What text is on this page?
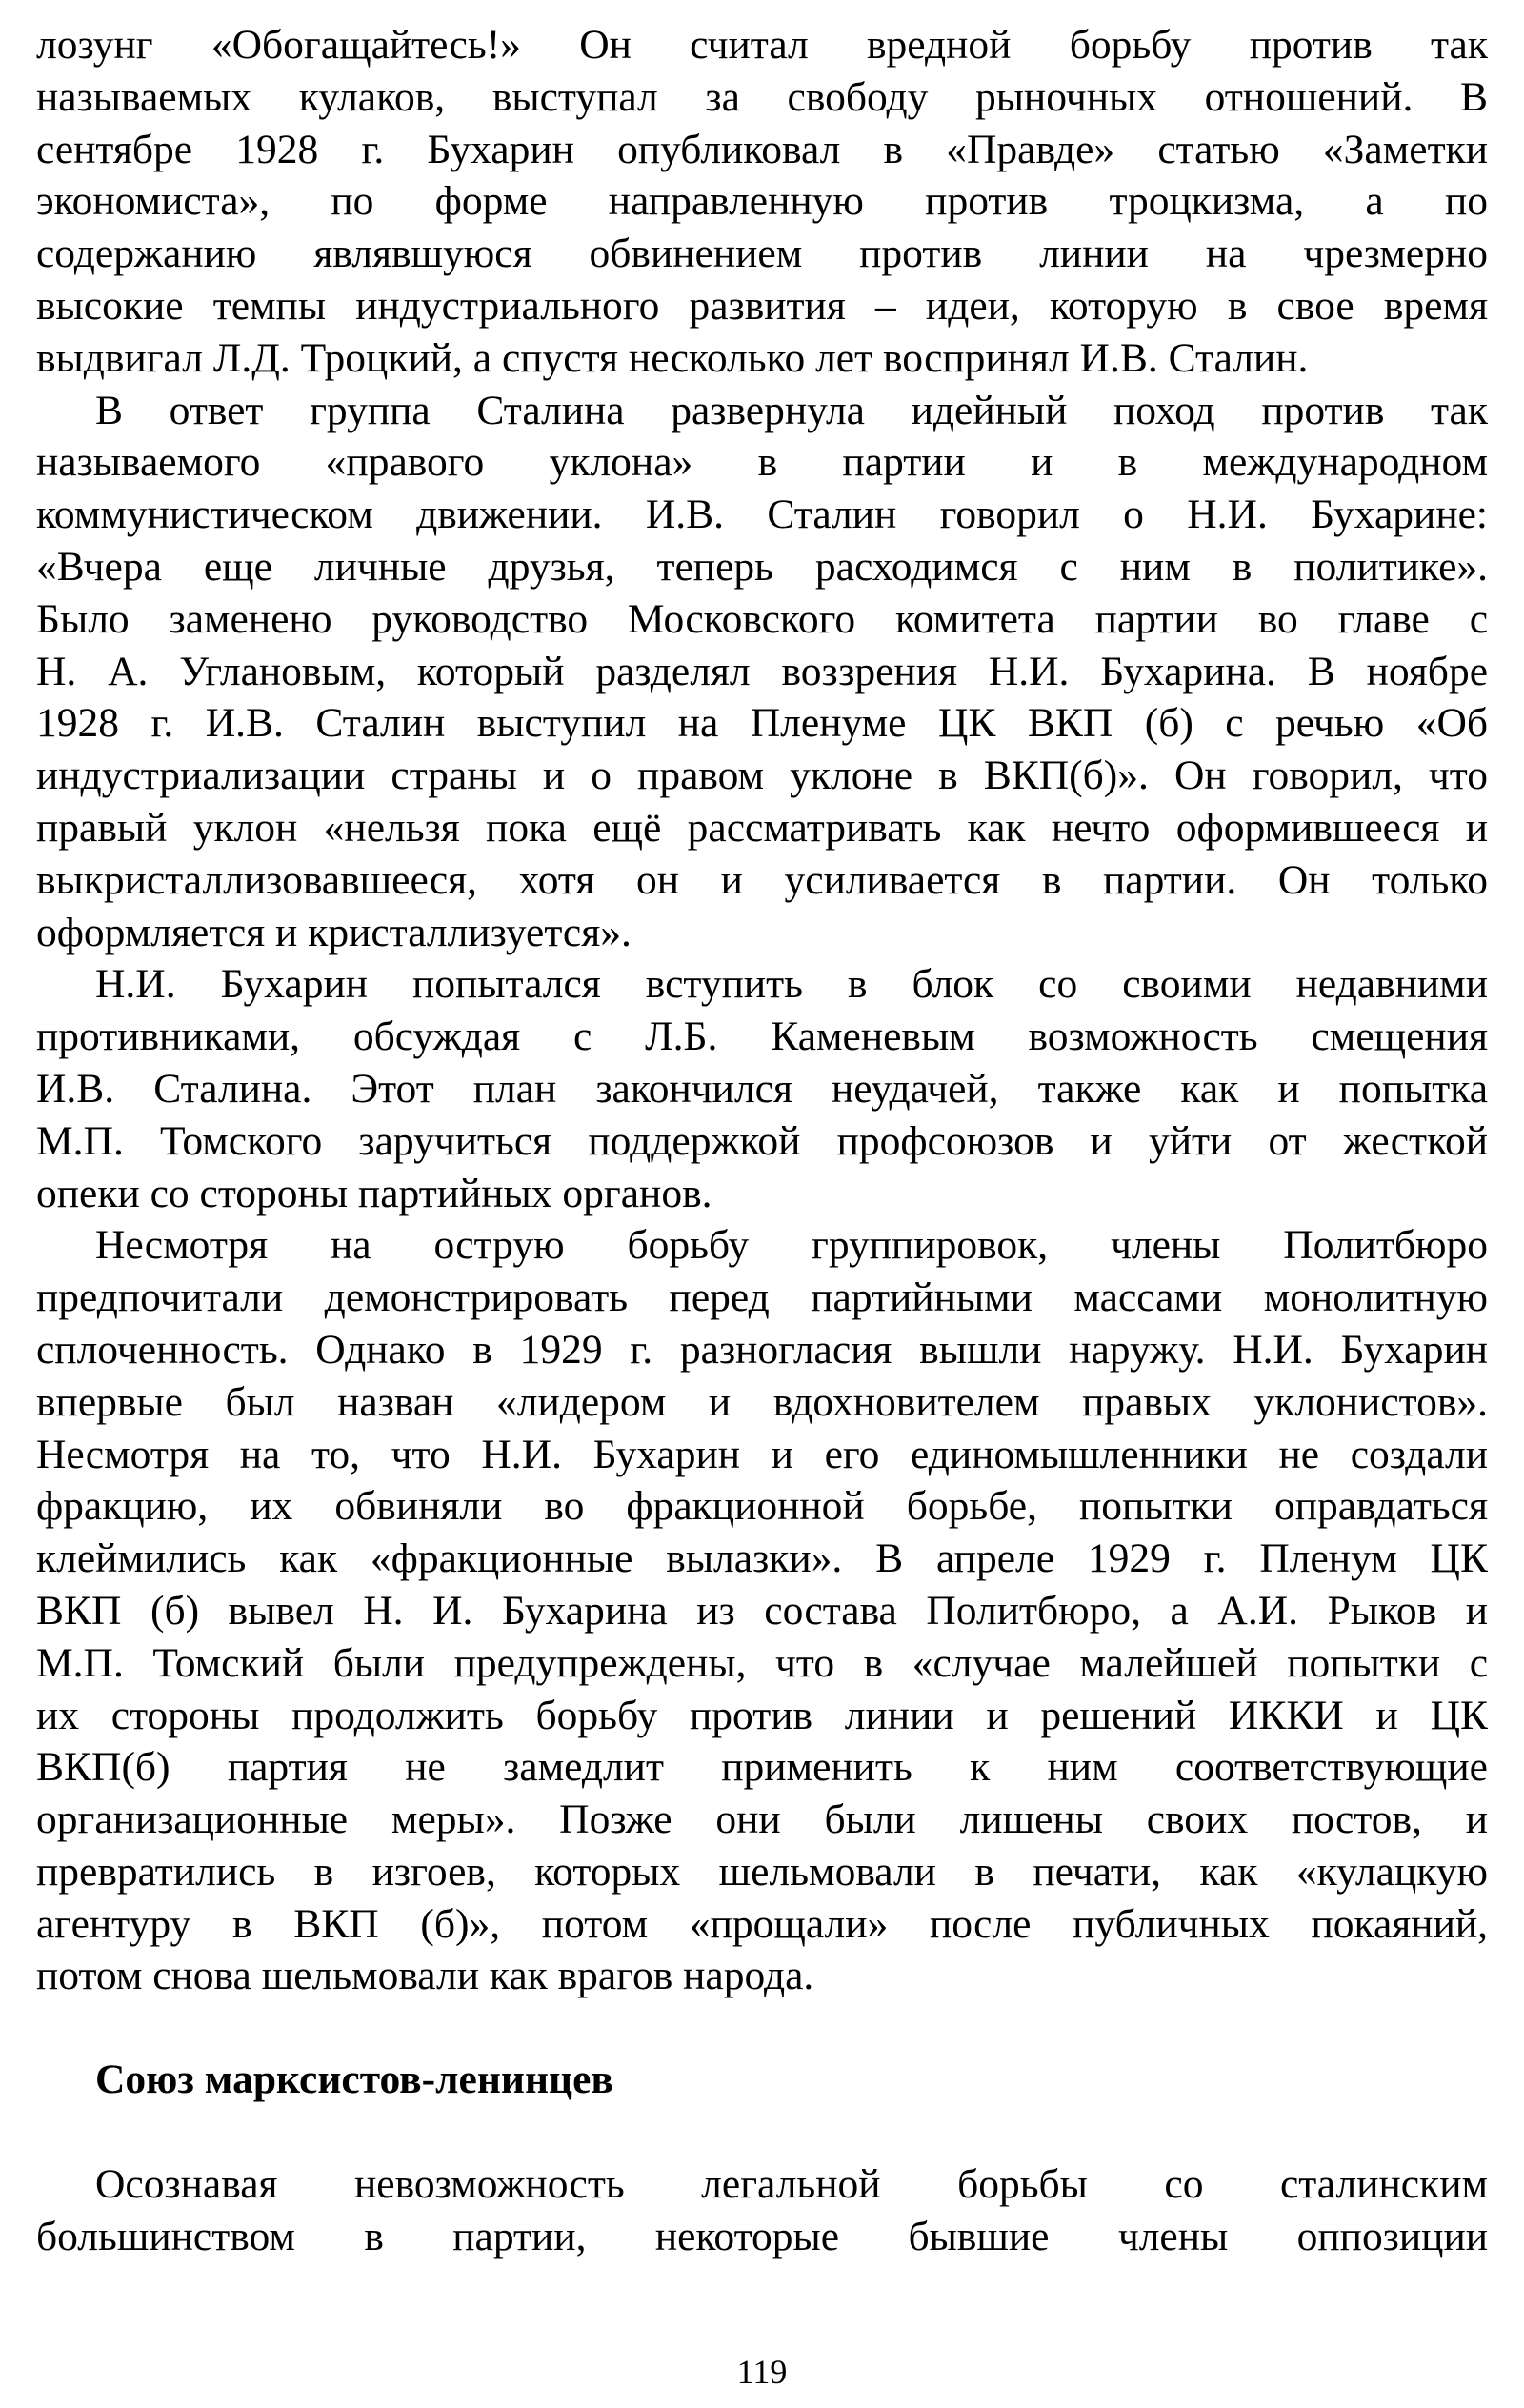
лозунг «Обогащайтесь!» Он считал вредной борьбу против так
называемых кулаков, выступал за свободу рыночных отношений. В
сентябре 1928 г. Бухарин опубликовал в «Правде» статью «Заметки
экономиста», по форме направленную против троцкизма, а по
содержанию являвшуюся обвинением против линии на чрезмерно
высокие темпы индустриального развития – идеи, которую в свое время
выдвигал Л.Д. Троцкий, а спустя несколько лет воспринял И.В. Сталин.
В ответ группа Сталина развернула идейный поход против так
называемого «правого уклона» в партии и в международном
коммунистическом движении. И.В. Сталин говорил о Н.И. Бухарине:
«Вчера еще личные друзья, теперь расходимся с ним в политике».
Было заменено руководство Московского комитета партии во главе с
Н. А. Углановым, который разделял воззрения Н.И. Бухарина. В ноябре
1928 г. И.В. Сталин выступил на Пленуме ЦК ВКП (б) с речью «Об
индустриализации страны и о правом уклоне в ВКП(б)». Он говорил, что
правый уклон «нельзя пока ещё рассматривать как нечто оформившееся и
выкристаллизовавшееся, хотя он и усиливается в партии. Он только
оформляется и кристаллизуется».
Н.И. Бухарин попытался вступить в блок со своими недавними
противниками, обсуждая с Л.Б. Каменевым возможность смещения
И.В. Сталина. Этот план закончился неудачей, также как и попытка
М.П. Томского заручиться поддержкой профсоюзов и уйти от жесткой
опеки со стороны партийных органов.
Несмотря на острую борьбу группировок, члены Политбюро
предпочитали демонстрировать перед партийными массами монолитную
сплоченность. Однако в 1929 г. разногласия вышли наружу. Н.И. Бухарин
впервые был назван «лидером и вдохновителем правых уклонистов».
Несмотря на то, что Н.И. Бухарин и его единомышленники не создали
фракцию, их обвиняли во фракционной борьбе, попытки оправдаться
клеймились как «фракционные вылазки». В апреле 1929 г. Пленум ЦК
ВКП (б) вывел Н. И. Бухарина из состава Политбюро, а А.И. Рыков и
М.П. Томский были предупреждены, что в «случае малейшей попытки с
их стороны продолжить борьбу против линии и решений ИККИ и ЦК
ВКП(б) партия не замедлит применить к ним соответствующие
организационные меры». Позже они были лишены своих постов, и
превратились в изгоев, которых шельмовали в печати, как «кулацкую
агентуру в ВКП (б)», потом «прощали» после публичных покаяний,
потом снова шельмовали как врагов народа.
Союз марксистов-ленинцев
Осознавая невозможность легальной борьбы со сталинским
большинством в партии, некоторые бывшие члены оппозиции
119
